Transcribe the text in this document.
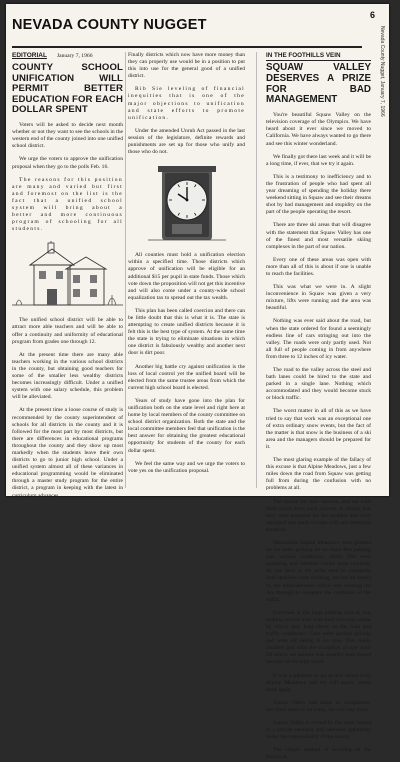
NEVADA COUNTY NUGGET
6
Nevada County Nugget, January 7, 1966
EDITORIAL January 7, 1966
COUNTY SCHOOL UNIFICATION WILL PERMIT BETTER EDUCATION FOR EACH DOLLAR SPENT

Voters will be asked to decide next month whether or not they want to see the schools in the western end of the county joined into one unified school district.

We urge the voters to approve the unification proposal when they go to the polls Feb. 16.

The reasons for this position are many and varied but first and foremost on the list is the fact that a unified school system will bring about a better and more continuous program of schooling for all students.

The unified school district will be able to attract more able teachers and will be able to offer a continuity and uniformity of educational program from grades one through 12.

At the present time there are many able teachers working in the various school districts in the county, but obtaining good teachers for some of the smaller less wealthy districts becomes increasingly difficult. Under a unified system with one salary schedule, this problem will be alleviated.

At the present time a loose course of study is recommended by the county superintendent of schools for all districts in the county and it is followed for the most part by most districts, but there are differences in educational programs throughout the county and they show up most markedly when the students leave their own districts to go to junior high school. Under a unified system almost all of these variances in educational programming would be eliminated through a master study program for the entire district, a program in keeping with the latest in curriculum advances.

Finally districts which now have more money than they can properly use would be in a position to put this into use for the general good of a unified district.

Rib Sie leveling of financial inequities that is one of the major objections to unification and state efforts to promote unification.

Under the amended Unruh Act passed in the last session of the legislature, definite rewards and punishments are set up for those who unify and those who do not.

All counties must hold a unification election within a specified time. Those districts which approve of unification will be eligible for an additional $15 per pupil in state funds. Those which vote down the proposition will not get this incentive and will also come under a county-wide school equalization tax to spread out the tax wealth.

This plan has been called coercion and there can be little doubt that this is what it is. The state is attempting to create unified districts because it is felt this is the best type of system. At the same time the state is trying to eliminate situations in which one district is fabulously wealthy and another next door is dirt poor.

Another big battle cry against unification is the loss of local control yet the unified board will be elected from the same trustee areas from which the current high school board is elected.

Years of study have gone into the plan for unification both on the state level and right here at home by local members of the county committee on school district organization. Both the state and the local committee members feel that unification is the best answer for obtaining the greatest educational opportunity for students of the county for each dollar spent.

We feel the same way and we urge the voters to vote yes on the unification proposal.

IN THE FOOTHILLS VEIN
SQUAW VALLEY DESERVES A PRIZE FOR BAD MANAGEMENT

You're beautiful Squaw Valley on the television coverage of the Olympics. We have heard about it ever since we moved to California. We have always wanted to go there and see this winter wonderland.

We finally got there last week and it will be a long time, if ever, that we try it again.

This is a testimony to inefficiency and to the frustration of people who had spent all year dreaming of spending the holiday there weekend sitting in Squaw and see their dreams shot by bad management and stupidity on the part of the people operating the resort.

There are three ski areas that will disagree with the statement that Squaw Valley has one of the finest and most versatile skiing complexes in the part of our nation.

Every one of these areas was open with more than all of this is about if one is unable to reach the facilities.

This was what we were in. A slight inconvenience in Squaw was given a very mixture, lifts were running and the area was beautiful.

Nothing was ever said about the road, but when the state ordered for found a seemingly endless line of cars stringing out into the valley. The roads were only partly used. Not all full of people coming in from anywhere from three to 12 inches of icy water.

The road to the valley across the steel and bath lanes could be hired to the state and parked in a single lane. Nothing which accommodated and they would become stuck or block traffic.

The worst matter in all of this as we have tried to say that work was an exceptional one of extra ordinary snow events, but the fact of the matter is that snow is the business of a ski area and the managers should be prepared for it.

The most glaring example of the fallacy of this excuse is that Alpine Meadows, just a few miles down the road from Squaw was getting full from during the confusion with no problems at all.

The reason for their success, and we wish them much more such success, is simply that they were prepared for the weather and were equipped and ready to cope with any emerging situation.

Meanwhile Alpine Meadows were granted on the main parking lot so chain-free parking was without conditions, which lifts were operating and whether chains were required. At one desk in the write used to constantly loud speakers were working, we had all seated by the administration which was wanting the day through to complete the confusion of the traffic.

Everyone at the large parking area to was making several trips with their two-way radios by which they kept check on the road and traffic conditions. Cars were parked quickly and were off skiing in no time. This really clarifies just what the exception of one chair lift which we assume was wealthy kept closed because of the high winds.

It was a pleasure to go to and return from Alpine Meadows and we will surely return there again.

Squaw Valley had made its complacent, and there seem to be many, we will stay away.

Squaw Valley is owned by the state, leased to a private operator and operated apparently under the responsibility of the county.

The simple method of avoiding all the fiascos at
